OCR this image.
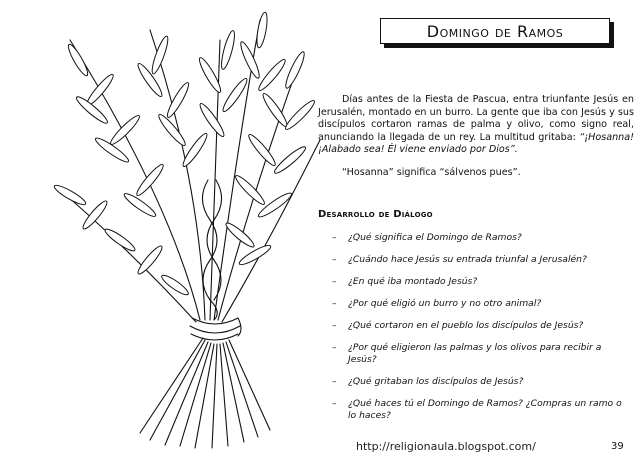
Domingo de Ramos
Días antes de la Fiesta de Pascua, entra triunfante Jesús en Jerusalén, montado en un burro. La gente que iba con Jesús y sus discípulos cortaron ramas de palma y olivo, como signo real, anunciando la llegada de un rey. La multitud gritaba: “¡Hosanna! ¡Alabado sea! Él viene enviado por Dios”.
“Hosanna” significa “sálvenos pues”.
Desarrollo de Diálogo
– ¿Qué significa el Domingo de Ramos?
– ¿Cuándo hace Jesús su entrada triunfal a Jerusalén?
– ¿En qué iba montado Jesús?
– ¿Por qué eligió un burro y no otro animal?
– ¿Qué cortaron en el pueblo los discípulos de Jesús?
– ¿Por qué eligieron las palmas y los olivos para recibir a Jesús?
– ¿Qué gritaban los discípulos de Jesús?
– ¿Qué haces tú el Domingo de Ramos? ¿Compras un ramo o lo haces?
http://religionaula.blogspot.com/	39
